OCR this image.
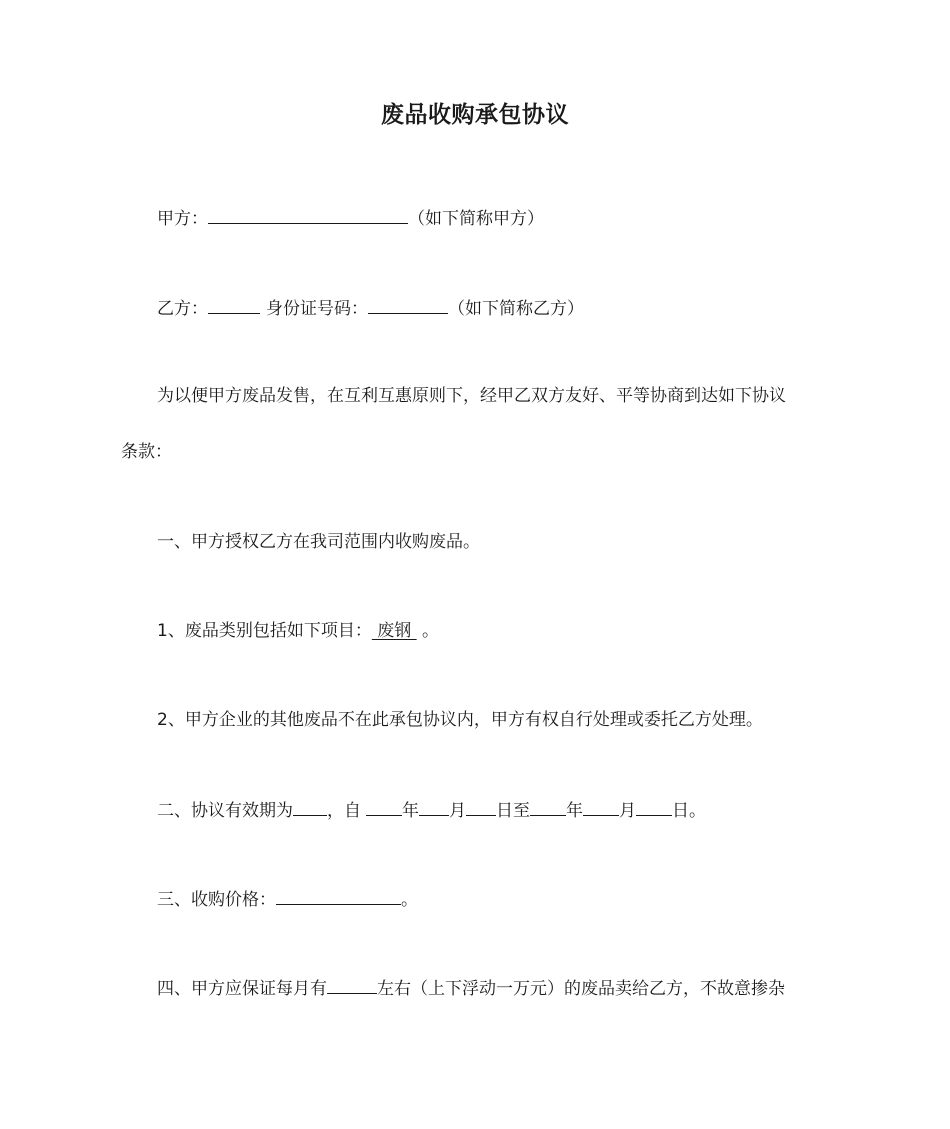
废品收购承包协议
甲方：	（如下简称甲方）
乙方：	身份证号码：	（如下简称乙方）
为以便甲方废品发售，在互利互惠原则下，经甲乙双方友好、平等协商到达如下协议
条款：
一、甲方授权乙方在我司范围内收购废品。
1、废品类别包括如下项目： 废钢  。
2、甲方企业的其他废品不在此承包协议内，甲方有权自行处理或委托乙方处理。
二、协议有效期为 ，自 年 月 日至 年 月 日。
三、收购价格：	。
四、甲方应保证每月有	左右（上下浮动一万元）的废品卖给乙方，不故意掺杂
